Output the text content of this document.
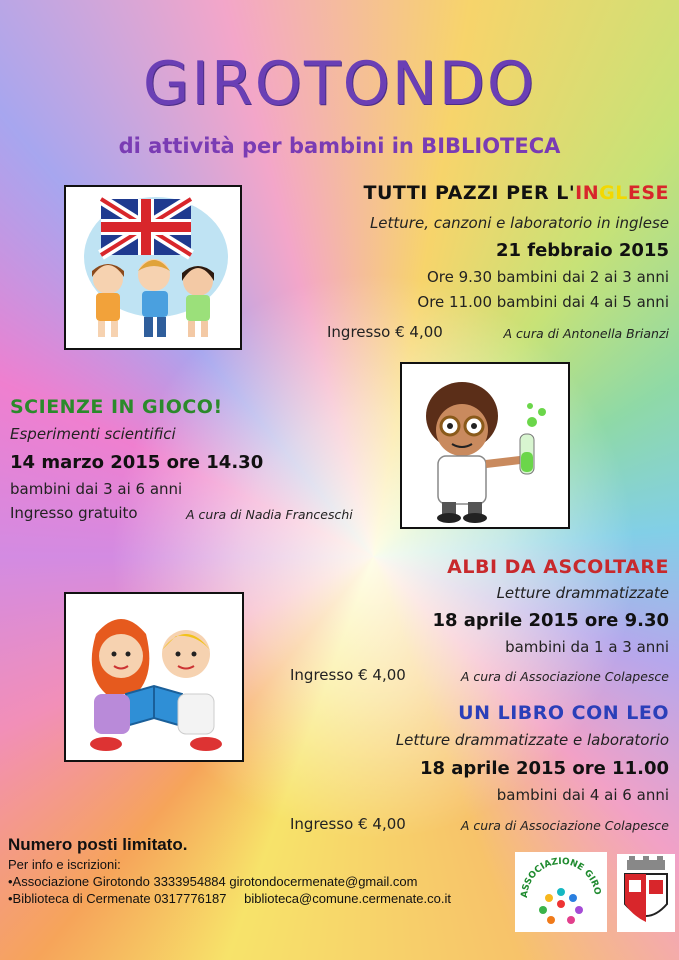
GIROTONDO
di attività per bambini in BIBLIOTECA
TUTTI PAZZI PER L'INGLESE
Letture, canzoni e laboratorio in inglese
21 febbraio 2015
Ore 9.30 bambini dai 2 ai 3 anni
Ore 11.00 bambini dai 4 ai 5 anni
Ingresso € 4,00	A cura di Antonella Brianzi
SCIENZE IN GIOCO!
Esperimenti scientifici
14 marzo 2015 ore 14.30
bambini dai 3 ai 6 anni
Ingresso gratuito	A cura di Nadia Franceschi
ALBI DA ASCOLTARE
Letture drammatizzate
18 aprile 2015 ore 9.30
bambini da 1 a 3 anni
Ingresso € 4,00	A cura di Associazione Colapesce
UN LIBRO CON LEO
Letture drammatizzate e laboratorio
18 aprile 2015 ore 11.00
bambini dai 4 ai 6 anni
Ingresso € 4,00	A cura di Associazione Colapesce
Numero posti limitato.
Per info e iscrizioni:
•Associazione Girotondo 3333954884 girotondocermenate@gmail.com
•Biblioteca di Cermenate 0317776187 biblioteca@comune.cermenate.co.it	ASSOCIAZIONE GIRO
